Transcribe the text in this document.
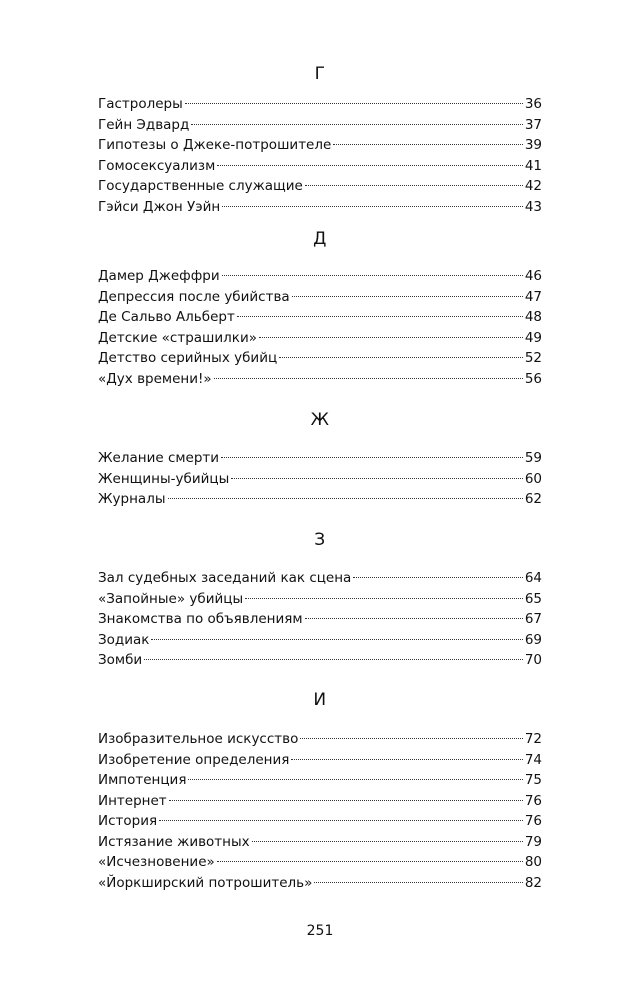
Г
Гастролеры	36
Гейн Эдвард	37
Гипотезы о Джеке-потрошителе	39
Гомосексуализм	41
Государственные служащие	42
Гэйси Джон Уэйн	43
Д
Дамер Джеффри	46
Депрессия после убийства	47
Де Сальво Альберт	48
Детские «страшилки»	49
Детство серийных убийц	52
«Дух времени!»	56
Ж
Желание смерти	59
Женщины-убийцы	60
Журналы	62
З
Зал судебных заседаний как сцена	64
«Запойные» убийцы	65
Знакомства по объявлениям	67
Зодиак	69
Зомби	70
И
Изобразительное искусство	72
Изобретение определения	74
Импотенция	75
Интернет	76
История	76
Истязание животных	79
«Исчезновение»	80
«Йоркширский потрошитель»	82
251
